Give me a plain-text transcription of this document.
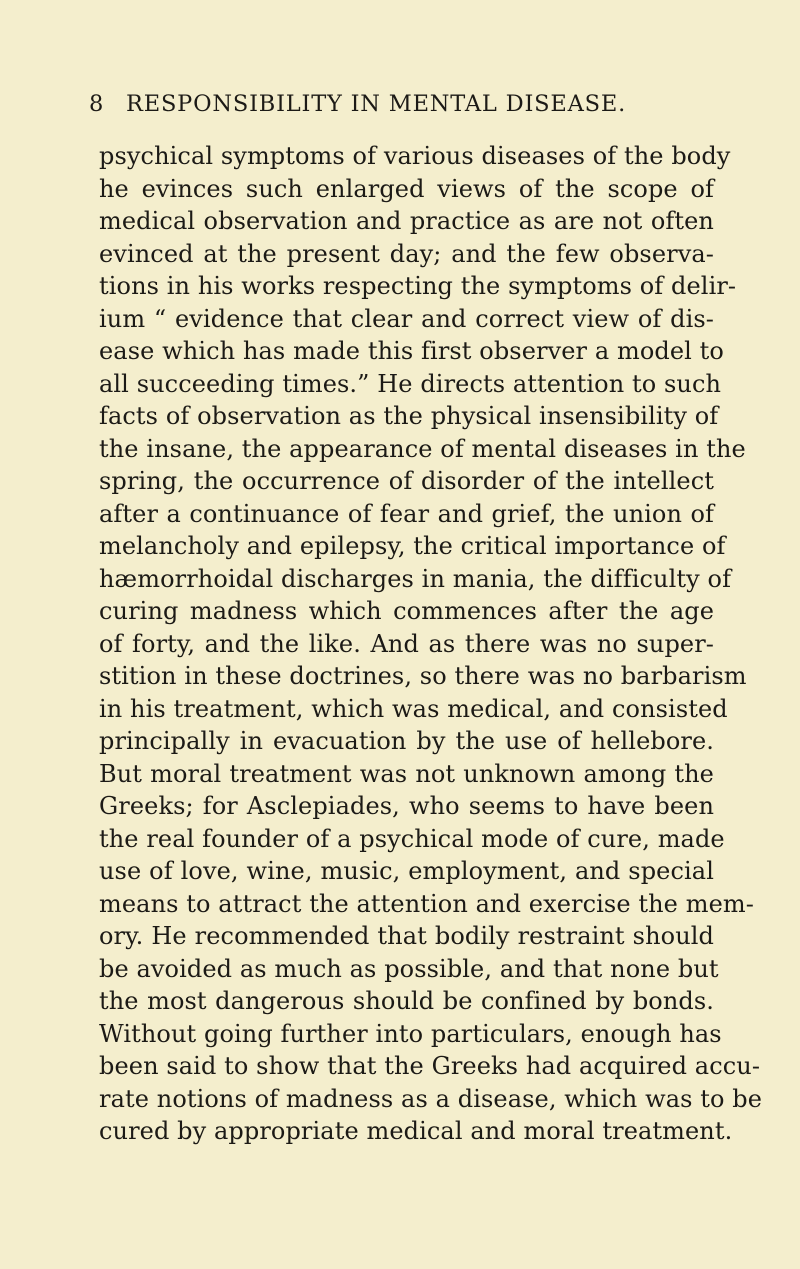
8 RESPONSIBILITY IN MENTAL DISEASE.
psychical symptoms of various diseases of the body
he evinces such enlarged views of the scope of
medical observation and practice as are not often
evinced at the present day; and the few observa-
tions in his works respecting the symptoms of delir-
ium “ evidence that clear and correct view of dis-
ease which has made this first observer a model to
all succeeding times.” He directs attention to such
facts of observation as the physical insensibility of
the insane, the appearance of mental diseases in the
spring, the occurrence of disorder of the intellect
after a continuance of fear and grief, the union of
melancholy and epilepsy, the critical importance of
hæmorrhoidal discharges in mania, the difficulty of
curing madness which commences after the age
of forty, and the like. And as there was no super-
stition in these doctrines, so there was no barbarism
in his treatment, which was medical, and consisted
principally in evacuation by the use of hellebore.
But moral treatment was not unknown among the
Greeks; for Asclepiades, who seems to have been
the real founder of a psychical mode of cure, made
use of love, wine, music, employment, and special
means to attract the attention and exercise the mem-
ory. He recommended that bodily restraint should
be avoided as much as possible, and that none but
the most dangerous should be confined by bonds.
Without going further into particulars, enough has
been said to show that the Greeks had acquired accu-
rate notions of madness as a disease, which was to be
cured by appropriate medical and moral treatment.
